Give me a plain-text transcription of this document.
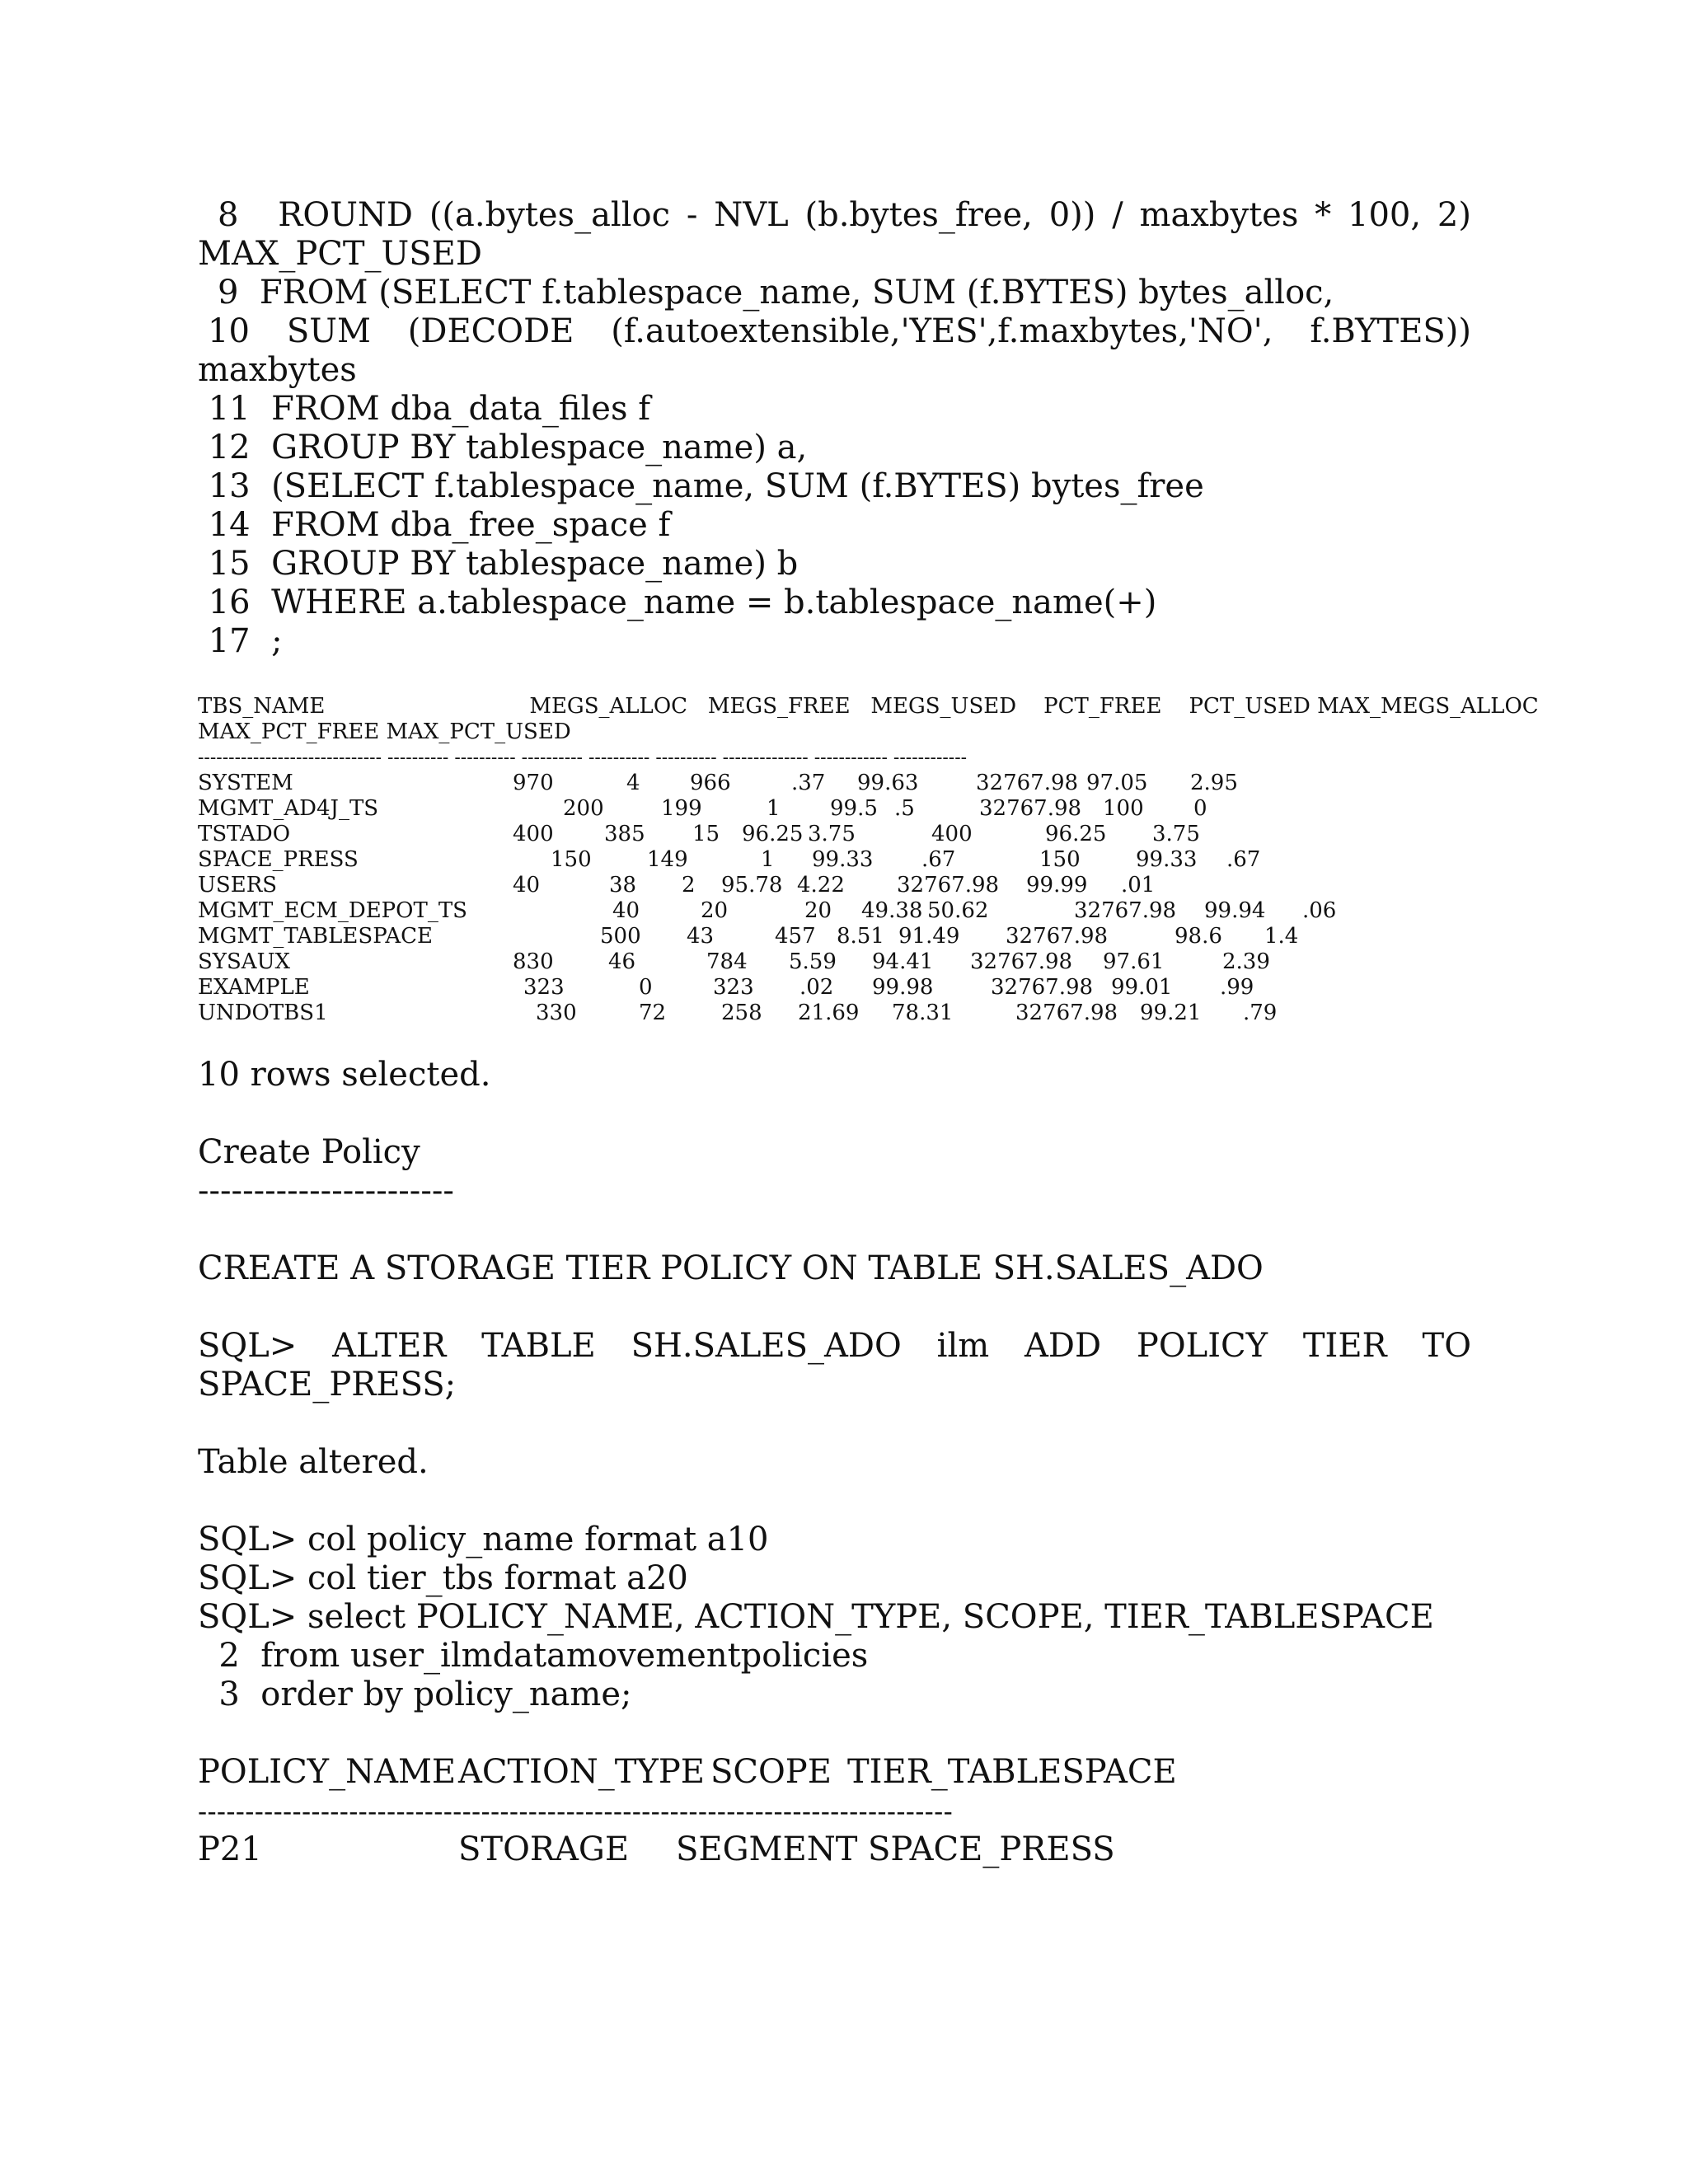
8 ROUND ((a.bytes_alloc - NVL (b.bytes_free, 0)) / maxbytes * 100, 2)
MAX_PCT_USED
9 FROM (SELECT f.tablespace_name, SUM (f.BYTES) bytes_alloc,
10 SUM (DECODE (f.autoextensible,'YES',f.maxbytes,'NO', f.BYTES))
maxbytes
11 FROM dba_data_files f
12 GROUP BY tablespace_name) a,
13 (SELECT f.tablespace_name, SUM (f.BYTES) bytes_free
14 FROM dba_free_space f
15 GROUP BY tablespace_name) b
16 WHERE a.tablespace_name = b.tablespace_name(+)
17 ;
TBS_NAME                              MEGS_ALLOC   MEGS_FREE   MEGS_USED    PCT_FREE    PCT_USED MAX_MEGS_ALLOC
MAX_PCT_FREE MAX_PCT_USED
------------------------------ ---------- ---------- ---------- ---------- ---------- -------------- ------------ ------------
SYSTEM	970	4 966	.37 99.63	32767.98 97.05 2.95
MGMT_AD4J_TS	200	199	1 99.5 .5	32767.98 100 0
TSTADO	400 385 15 96.25 3.75	400	96.25 3.75
SPACE_PRESS	150	149	1 99.33 .67	150	99.33 .67
USERS	40	38 2 95.78 4.22 32767.98 99.99 .01
MGMT_ECM_DEPOT_TS	40	20	20 49.38 50.62	32767.98 99.94 .06
MGMT_TABLESPACE	500 43	457 8.51 91.49 32767.98	98.6 1.4
SYSAUX	830	46	784 5.59 94.41 32767.98 97.61	2.39
EXAMPLE	323	0	323 .02 99.98	32767.98 99.01 .99
UNDOTBS1	330	72	258 21.69 78.31	32767.98 99.21 .79
10 rows selected.
Create Policy
-----------------------
CREATE A STORAGE TIER POLICY ON TABLE SH.SALES_ADO
SQL> ALTER TABLE SH.SALES_ADO ilm ADD POLICY TIER TO
SPACE_PRESS;
Table altered.
SQL> col policy_name format a10
SQL> col tier_tbs format a20
SQL> select POLICY_NAME, ACTION_TYPE, SCOPE, TIER_TABLESPACE
2  from user_ilmdatamovementpolicies
3  order by policy_name;
POLICY_NAME ACTION_TYPE SCOPE TIER_TABLESPACE
--------------------------------------------------------------------------------
P21	STORAGE SEGMENT SPACE_PRESS
